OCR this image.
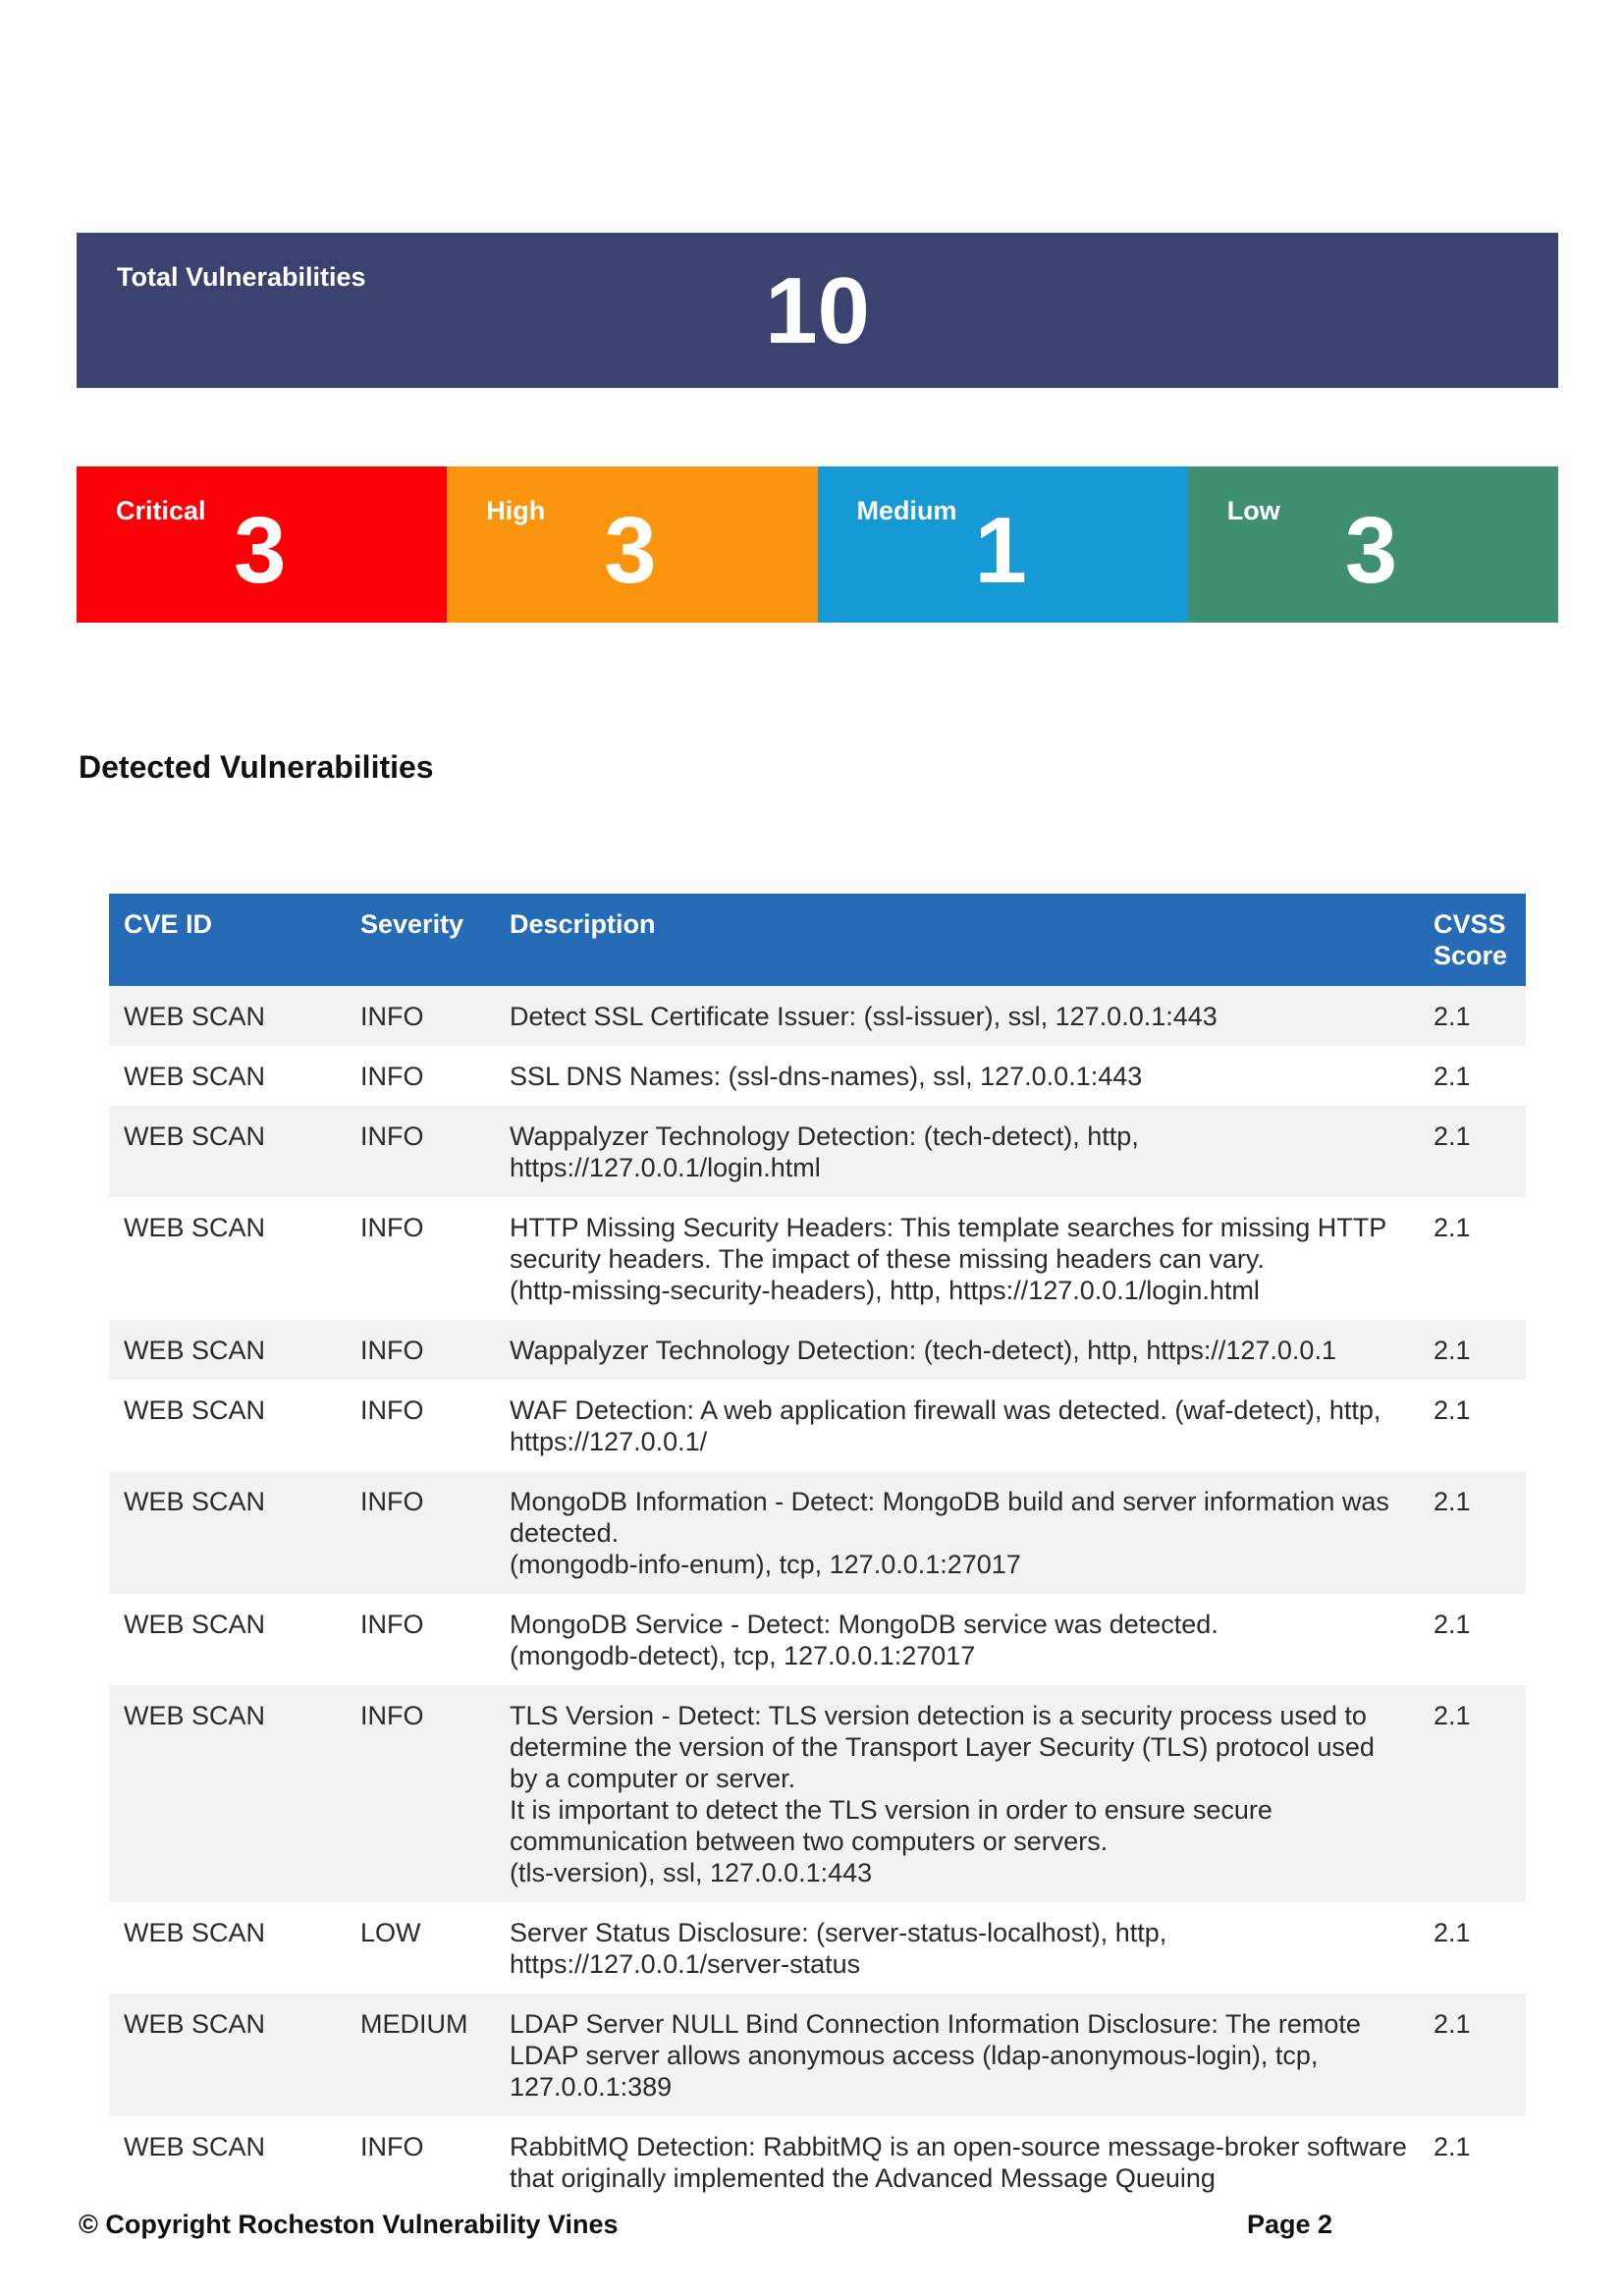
Total Vulnerabilities	10
Critical 3	High 3	Medium 1	Low 3
Detected Vulnerabilities
CVE ID	Severity	Description	CVSS Score
WEB SCAN	INFO	Detect SSL Certificate Issuer: (ssl-issuer), ssl, 127.0.0.1:443	2.1
WEB SCAN	INFO	SSL DNS Names: (ssl-dns-names), ssl, 127.0.0.1:443	2.1
WEB SCAN	INFO	Wappalyzer Technology Detection: (tech-detect), http,
https://127.0.0.1/login.html	2.1
WEB SCAN	INFO	HTTP Missing Security Headers: This template searches for missing HTTP security headers. The impact of these missing headers can vary.
(http-missing-security-headers), http, https://127.0.0.1/login.html	2.1
WEB SCAN	INFO	Wappalyzer Technology Detection: (tech-detect), http, https://127.0.0.1	2.1
WEB SCAN	INFO	WAF Detection: A web application firewall was detected. (waf-detect), http, https://127.0.0.1/	2.1
WEB SCAN	INFO	MongoDB Information - Detect: MongoDB build and server information was detected.
(mongodb-info-enum), tcp, 127.0.0.1:27017	2.1
WEB SCAN	INFO	MongoDB Service - Detect: MongoDB service was detected.
(mongodb-detect), tcp, 127.0.0.1:27017	2.1
WEB SCAN	INFO	TLS Version - Detect: TLS version detection is a security process used to determine the version of the Transport Layer Security (TLS) protocol used by a computer or server.
It is important to detect the TLS version in order to ensure secure communication between two computers or servers.
(tls-version), ssl, 127.0.0.1:443	2.1
WEB SCAN	LOW	Server Status Disclosure: (server-status-localhost), http,
https://127.0.0.1/server-status	2.1
WEB SCAN	MEDIUM	LDAP Server NULL Bind Connection Information Disclosure: The remote LDAP server allows anonymous access (ldap-anonymous-login), tcp, 127.0.0.1:389	2.1
WEB SCAN	INFO	RabbitMQ Detection: RabbitMQ is an open-source message-broker software that originally implemented the Advanced Message Queuing	2.1
© Copyright Rocheston Vulnerability Vines	Page 2
